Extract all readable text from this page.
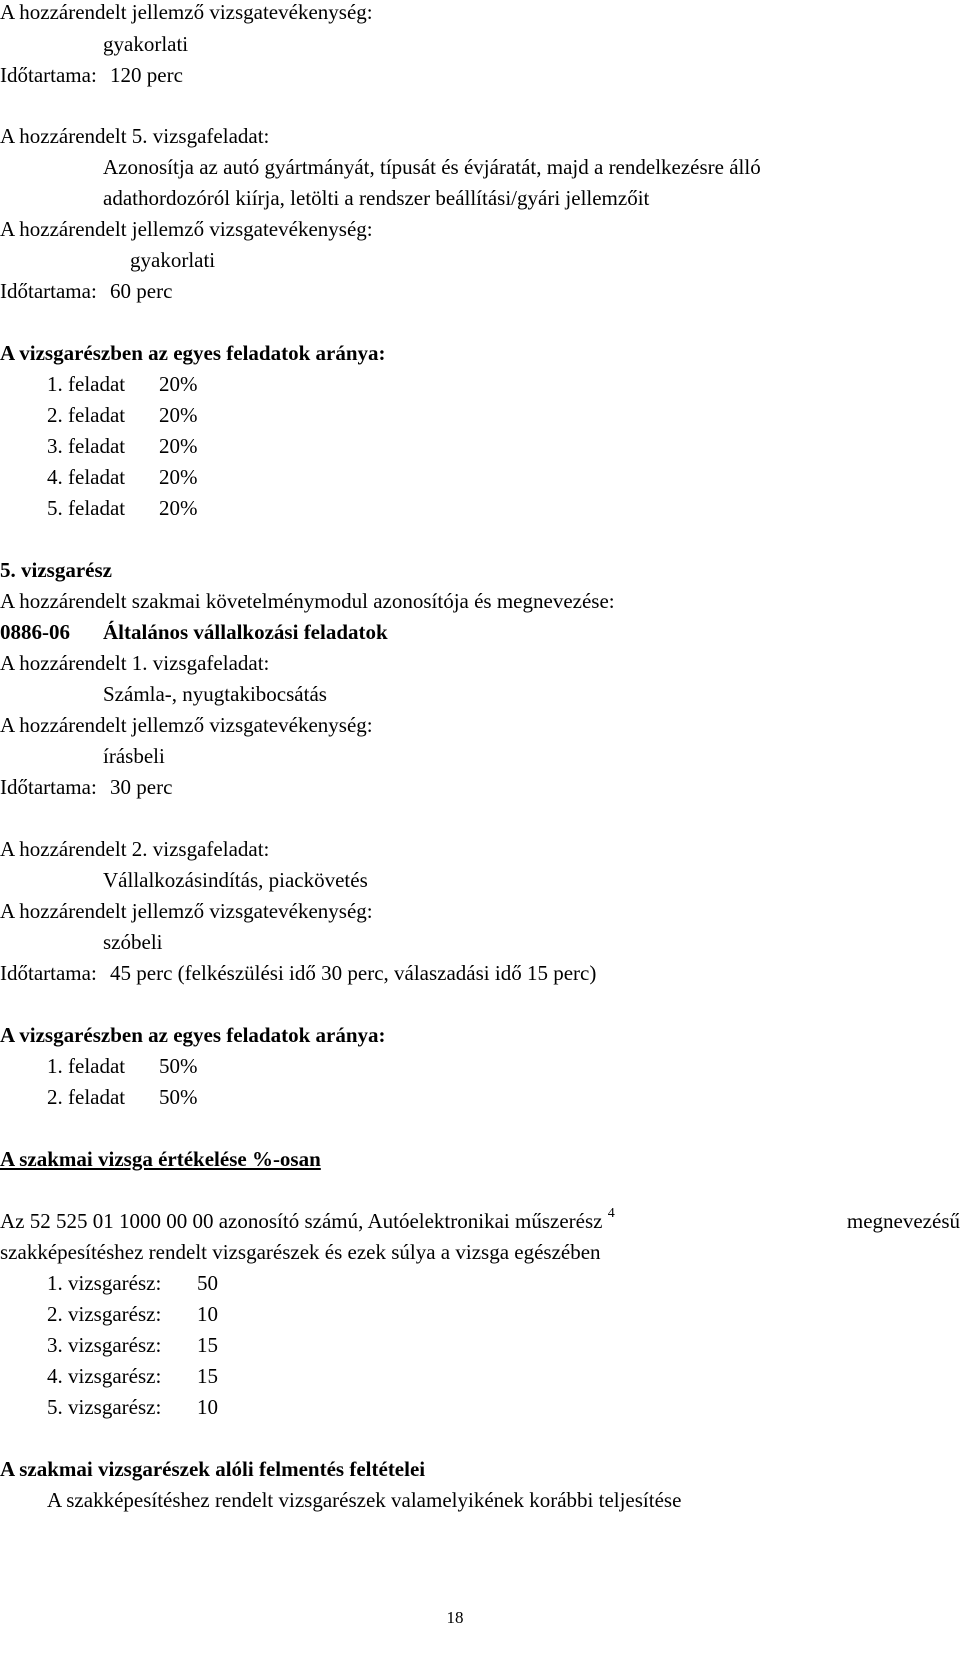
A hozzárendelt jellemző vizsgatevékenység:

gyakorlati

Időtartama: 120 perc

A hozzárendelt 5. vizsgafeladat:

Azonosítja az autó gyártmányát, típusát és évjáratát, majd a rendelkezésre álló

adathordozóról kiírja, letölti a rendszer beállítási/gyári jellemzőit

A hozzárendelt jellemző vizsgatevékenység:

gyakorlati

Időtartama: 60 perc

A vizsgarészben az egyes feladatok aránya:

1. feladat 20%

2. feladat 20%

3. feladat 20%

4. feladat 20%

5. feladat 20%

5. vizsgarész

A hozzárendelt szakmai követelménymodul azonosítója és megnevezése:

0886-06 Általános vállalkozási feladatok

A hozzárendelt 1. vizsgafeladat:

Számla-, nyugtakibocsátás

A hozzárendelt jellemző vizsgatevékenység:

írásbeli

Időtartama: 30 perc

A hozzárendelt 2. vizsgafeladat:

Vállalkozásindítás, piackövetés

A hozzárendelt jellemző vizsgatevékenység:

szóbeli

Időtartama: 45 perc (felkészülési idő 30 perc, válaszadási idő 15 perc)

A vizsgarészben az egyes feladatok aránya:

1. feladat 50%

2. feladat 50%

A szakmai vizsga értékelése %-osan

Az 52 525 01 1000 00 00 azonosító számú, Autóelektronikai műszerész $^4$	megnevezésű

szakképesítéshez rendelt vizsgarészek és ezek súlya a vizsga egészében

1. vizsgarész: 50

2. vizsgarész: 10

3. vizsgarész: 15

4. vizsgarész: 15

5. vizsgarész: 10

A szakmai vizsgarészek alóli felmentés feltételei

A szakképesítéshez rendelt vizsgarészek valamelyikének korábbi teljesítése

18
